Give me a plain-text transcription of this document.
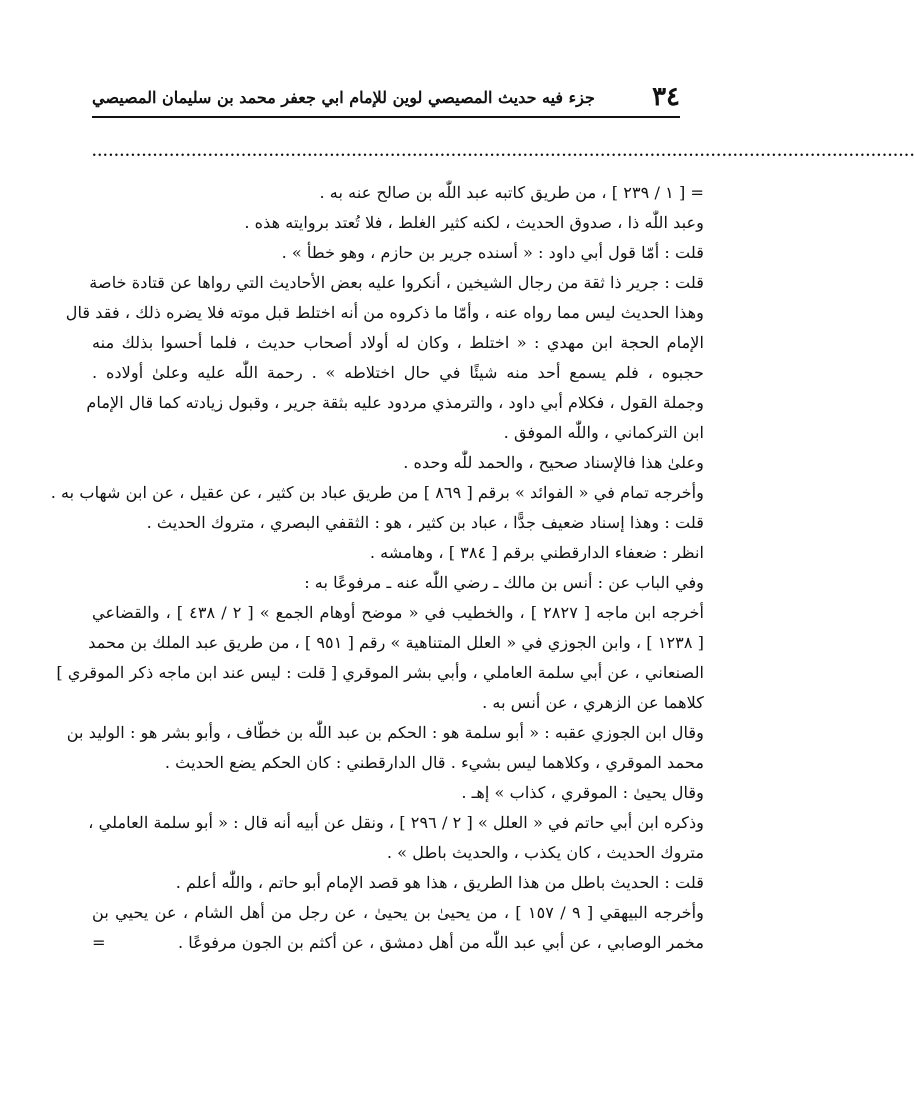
٣٤
جزء فيه حديث المصيصي لوين للإمام ابي جعفر محمد بن سليمان المصيصي
.....................................................................................................................................................
= [ ١ / ٢٣٩ ] ، من طريق كاتبه عبد اللّٰه بن صالح عنه به .
وعبد اللّٰه ذا ، صدوق الحديث ، لكنه كثير الغلط ، فلا تُعتد بروايته هذه .
قلت : أمّا قول أبي داود : « أسنده جرير بن حازم ، وهو خطأ » .
قلت : جرير ذا ثقة من رجال الشيخين ، أنكروا عليه بعض الأحاديث التي رواها عن قتادة خاصة
وهذا الحديث ليس مما رواه عنه ، وأمّا ما ذكروه من أنه اختلط قبل موته فلا يضره ذلك ، فقد قال
الإمام الحجة ابن مهدي : « اختلط ، وكان له أولاد أصحاب حديث ، فلما أحسوا بذلك منه
حجبوه ، فلم يسمع أحد منه شيئًا في حال اختلاطه » . رحمة اللّٰه عليه وعلىٰ أولاده .
وجملة القول ، فكلام أبي داود ، والترمذي مردود عليه بثقة جرير ، وقبول زيادته كما قال الإمام
ابن التركماني ، واللّٰه الموفق .
وعلىٰ هذا فالإسناد صحيح ، والحمد للّٰه وحده .
وأخرجه تمام في « الفوائد » برقم [ ٨٦٩ ] من طريق عباد بن كثير ، عن عقيل ، عن ابن شهاب به .
قلت : وهذا إسناد ضعيف جدًّا ، عباد بن كثير ، هو : الثقفي البصري ، متروك الحديث .
انظر : ضعفاء الدارقطني برقم [ ٣٨٤ ] ، وهامشه .
وفي الباب عن : أنس بن مالك ـ رضي اللّٰه عنه ـ مرفوعًا به :
أخرجه ابن ماجه [ ٢٨٢٧ ] ، والخطيب في « موضح أوهام الجمع » [ ٢ / ٤٣٨ ] ، والقضاعي
[ ١٢٣٨ ] ، وابن الجوزي في « العلل المتناهية » رقم [ ٩٥١ ] ، من طريق عبد الملك بن محمد
الصنعاني ، عن أبي سلمة العاملي ، وأبي بشر الموقري [ قلت : ليس عند ابن ماجه ذكر الموقري ]
كلاهما عن الزهري ، عن أنس به .
وقال ابن الجوزي عقبه : « أبو سلمة هو : الحكم بن عبد اللّٰه بن خطّاف ، وأبو بشر هو : الوليد بن
محمد الموقري ، وكلاهما ليس بشيء . قال الدارقطني : كان الحكم يضع الحديث .
وقال يحيىٰ : الموقري ، كذاب » إهـ .
وذكره ابن أبي حاتم في « العلل » [ ٢ / ٢٩٦ ] ، ونقل عن أبيه أنه قال : « أبو سلمة العاملي ،
متروك الحديث ، كان يكذب ، والحديث باطل » .
قلت : الحديث باطل من هذا الطريق ، هذا هو قصد الإمام أبو حاتم ، واللّٰه أعلم .
وأخرجه البيهقي [ ٩ / ١٥٧ ] ، من يحيىٰ بن يحيىٰ ، عن رجل من أهل الشام ، عن يحيي بن
مخمر الوصابي ، عن أبي عبد اللّٰه من أهل دمشق ، عن أكثم بن الجون مرفوعًا .
=
